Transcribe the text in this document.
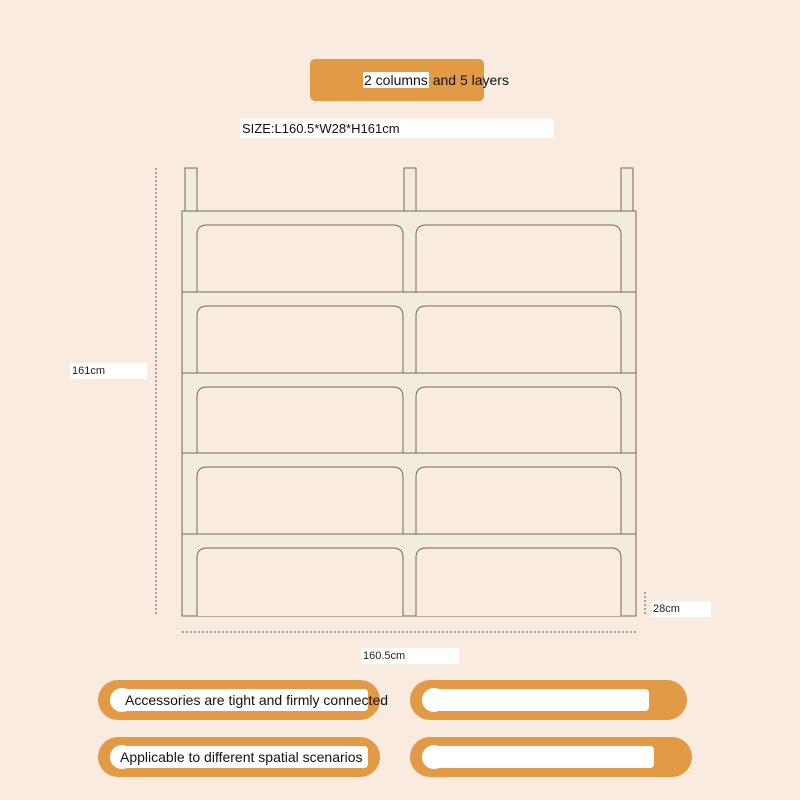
2 columns and 5 layers
SIZE:L160.5*W28*H161cm
161cm
28cm
160.5cm
Accessories are tight and firmly connected
Applicable to different spatial scenarios
